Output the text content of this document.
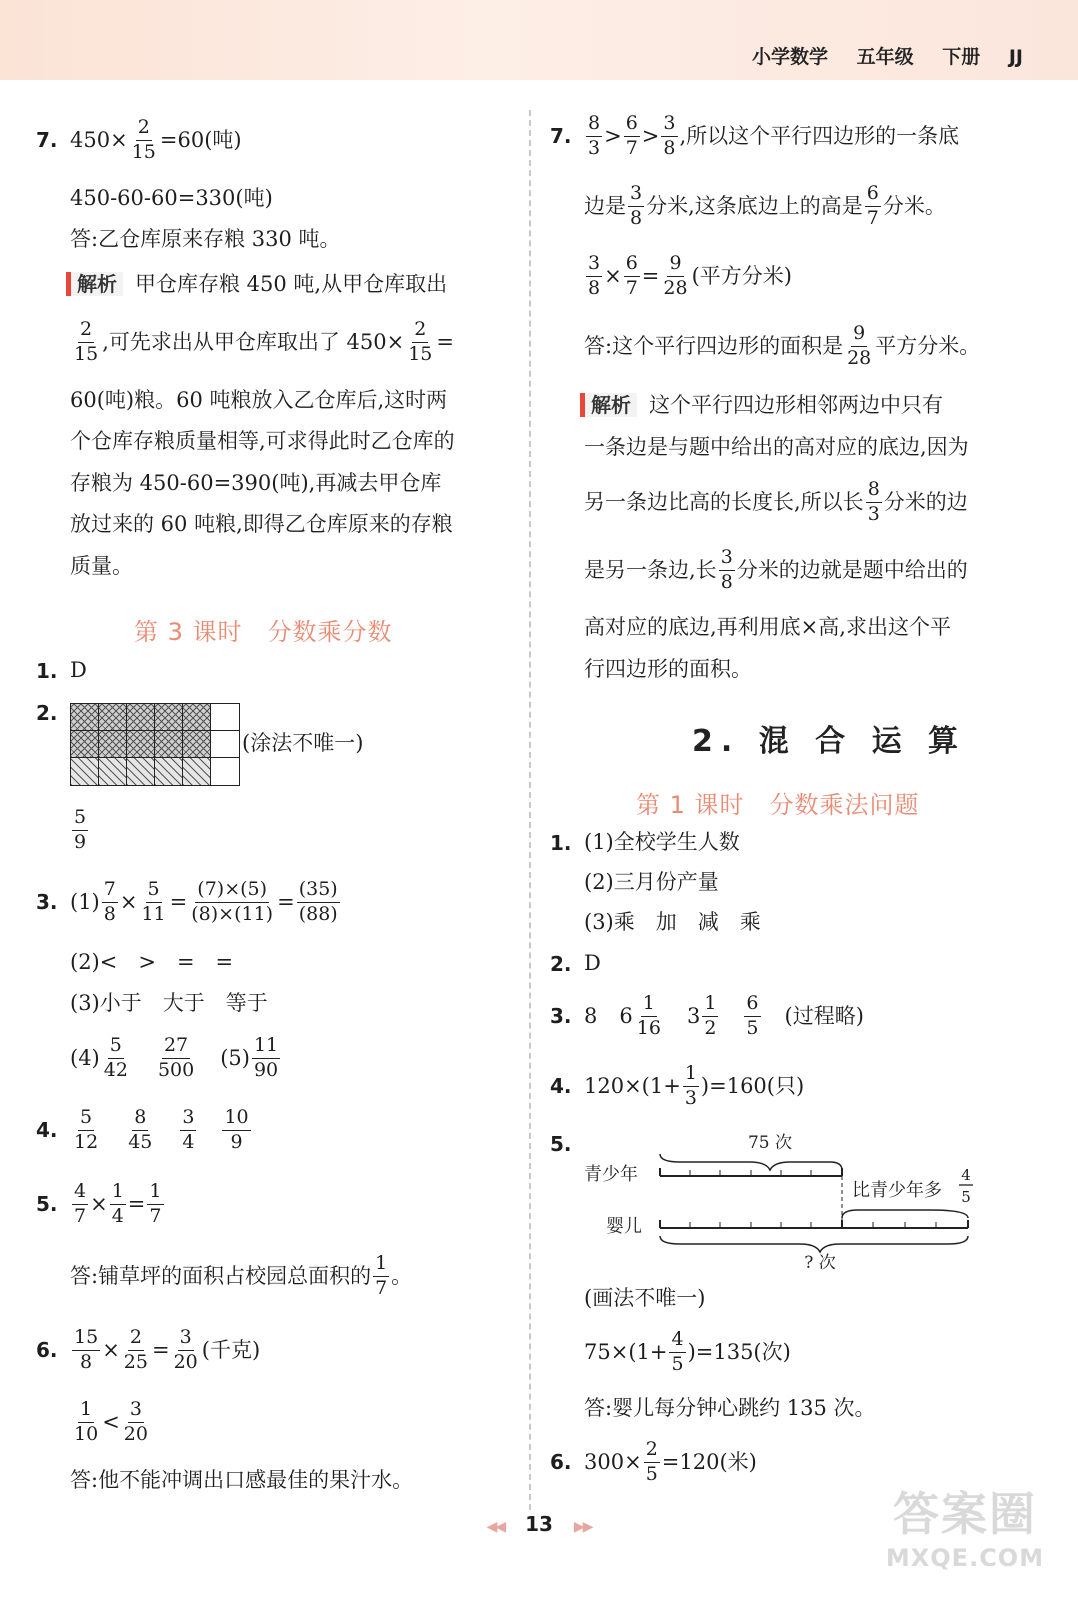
小学数学 五年级 下册 JJ
7. $450\times \frac{2}{15} =60$(吨)
450-60-60=330(吨)
答:乙仓库原来存粮 330 吨。
解析 甲仓库存粮 450 吨,从甲仓库取出
$\frac{2}{15}$ ,可先求出从甲仓库取出了 $450\times \frac{2}{15}$ =
60(吨)粮。60 吨粮放入乙仓库后,这时两
个仓库存粮质量相等,可求得此时乙仓库的
存粮为 450-60=390(吨),再减去甲仓库
放过来的 60 吨粮,即得乙仓库原来的存粮
质量。
第 3 课时　分数乘分数
1. D
2.
(涂法不唯一)
$\frac{5}{9}$
3. $(1) \frac{7}{8} \times \frac{5}{11} = \frac{(7)\times(5)}{(8)\times(11)} = \frac{(35)}{(88)}$
(2)<　>　=　=
(3)小于　大于　等于
$(4) \frac{5}{42} \frac{27}{500} (5) \frac{11}{90}$
4. $\frac{5}{12} \frac{8}{45} \frac{3}{4} \frac{10}{9}$
5. $\frac{4}{7} \times \frac{1}{4} = \frac{1}{7}$
答:铺草坪的面积占校园总面积的 $\frac{1}{7}$ 。
6. $\frac{15}{8} \times \frac{2}{25} = \frac{3}{20}$ (千克)
$\frac{1}{10} < \frac{3}{20}$
答:他不能冲调出口感最佳的果汁水。
7. $\frac{8}{3} > \frac{6}{7} > \frac{3}{8}$ ,所以这个平行四边形的一条底
边是 $\frac{3}{8}$ 分米,这条底边上的高是 $\frac{6}{7}$ 分米。
$\frac{3}{8} \times \frac{6}{7} = \frac{9}{28}$ (平方分米)
答:这个平行四边形的面积是 $\frac{9}{28}$ 平方分米。
解析 这个平行四边形相邻两边中只有
一条边是与题中给出的高对应的底边,因为
另一条边比高的长度长,所以长 $\frac{8}{3}$ 分米的边
是另一条边,长 $\frac{3}{8}$ 分米的边就是题中给出的
高对应的底边,再利用底×高,求出这个平
行四边形的面积。
2. 混 合 运 算
第 1 课时　分数乘法问题
1. (1)全校学生人数
(2)三月份产量
(3)乘　加　减　乘
2. D
3. 8 $6 \frac{1}{16} 3 \frac{1}{2} \frac{6}{5}$ (过程略)
4. $120\times(1+ \frac{1}{3} )=160$(只)
5.	75 次
青少年
比青少年多
4
5
婴儿
? 次
(画法不唯一)
$75\times(1+ \frac{4}{5} )=135$(次)
答:婴儿每分钟心跳约 135 次。
6. $300\times \frac{2}{5} =120$(米)
◀◀ 13 ▶▶	答案圈
MXQE.COM
